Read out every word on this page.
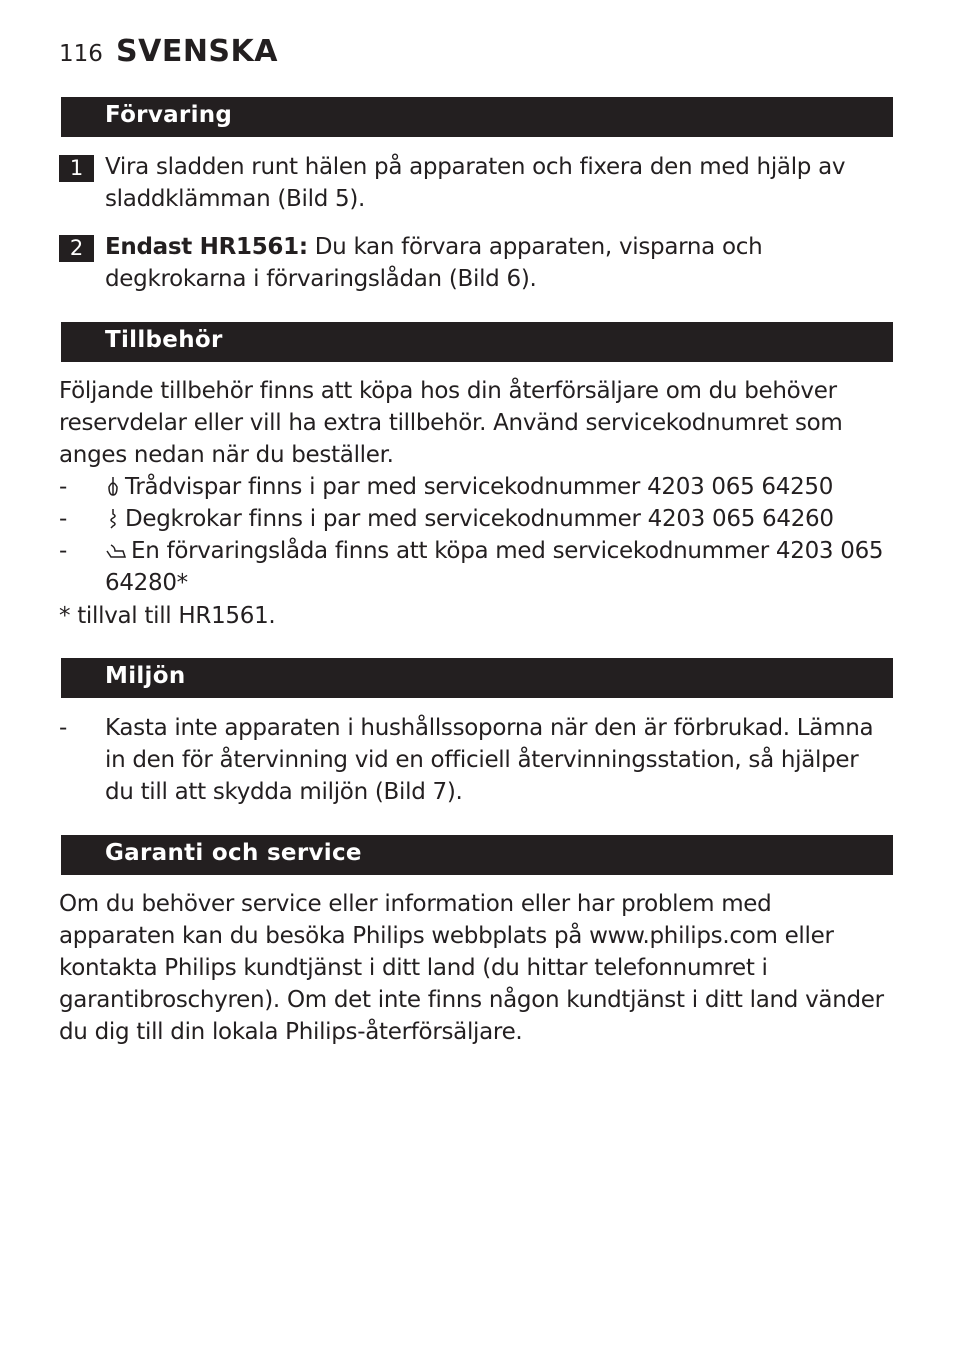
116 SVENSKA
Förvaring
1 Vira sladden runt hälen på apparaten och fixera den med hjälp av sladdklämman (Bild 5).
2 Endast HR1561: Du kan förvara apparaten, visparna och degkrokarna i förvaringslådan (Bild 6).
Tillbehör
Följande tillbehör finns att köpa hos din återförsäljare om du behöver reservdelar eller vill ha extra tillbehör. Använd servicekodnumret som anges nedan när du beställer.
-	Trådvispar finns i par med servicekodnummer 4203 065 64250
-	Degkrokar finns i par med servicekodnummer 4203 065 64260
-	En förvaringslåda finns att köpa med servicekodnummer 4203 065 64280*
* tillval till HR1561.
Miljön
- Kasta inte apparaten i hushållssoporna när den är förbrukad. Lämna in den för återvinning vid en officiell återvinningsstation, så hjälper du till att skydda miljön (Bild 7).
Garanti och service
Om du behöver service eller information eller har problem med apparaten kan du besöka Philips webbplats på www.philips.com eller kontakta Philips kundtjänst i ditt land (du hittar telefonnumret i garantibroschyren). Om det inte finns någon kundtjänst i ditt land vänder du dig till din lokala Philips-återförsäljare.
